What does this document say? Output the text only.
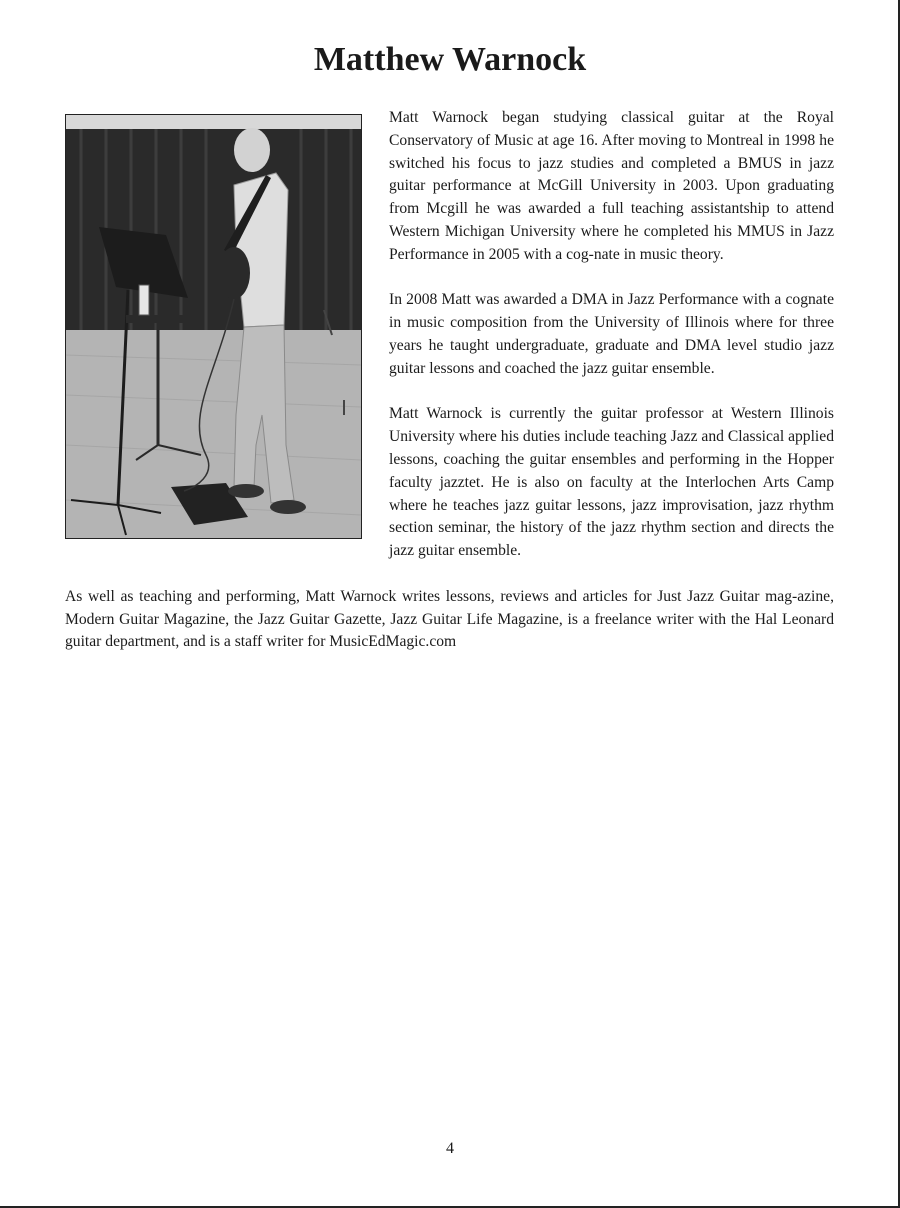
Matthew Warnock

Matt Warnock began studying classical guitar at the Royal Conservatory of Music at age 16. After moving to Montreal in 1998 he switched his focus to jazz studies and completed a BMUS in jazz guitar performance at McGill University in 2003. Upon graduating from Mcgill he was awarded a full teaching assistantship to attend Western Michigan University where he completed his MMUS in Jazz Performance in 2005 with a cog-nate in music theory.

In 2008 Matt was awarded a DMA in Jazz Performance with a cognate in music composition from the University of Illinois where for three years he taught undergraduate, graduate and DMA level studio jazz guitar lessons and coached the jazz guitar ensemble.

Matt Warnock is currently the guitar professor at Western Illinois University where his duties include teaching Jazz and Classical applied lessons, coaching the guitar ensembles and performing in the Hopper faculty jazztet. He is also on faculty at the Interlochen Arts Camp where he teaches jazz guitar lessons, jazz improvisation, jazz rhythm section seminar, the history of the jazz rhythm section and directs the jazz guitar ensemble.

As well as teaching and performing, Matt Warnock writes lessons, reviews and articles for Just Jazz Guitar mag-azine, Modern Guitar Magazine, the Jazz Guitar Gazette, Jazz Guitar Life Magazine, is a freelance writer with the Hal Leonard guitar department, and is a staff writer for MusicEdMagic.com

4
